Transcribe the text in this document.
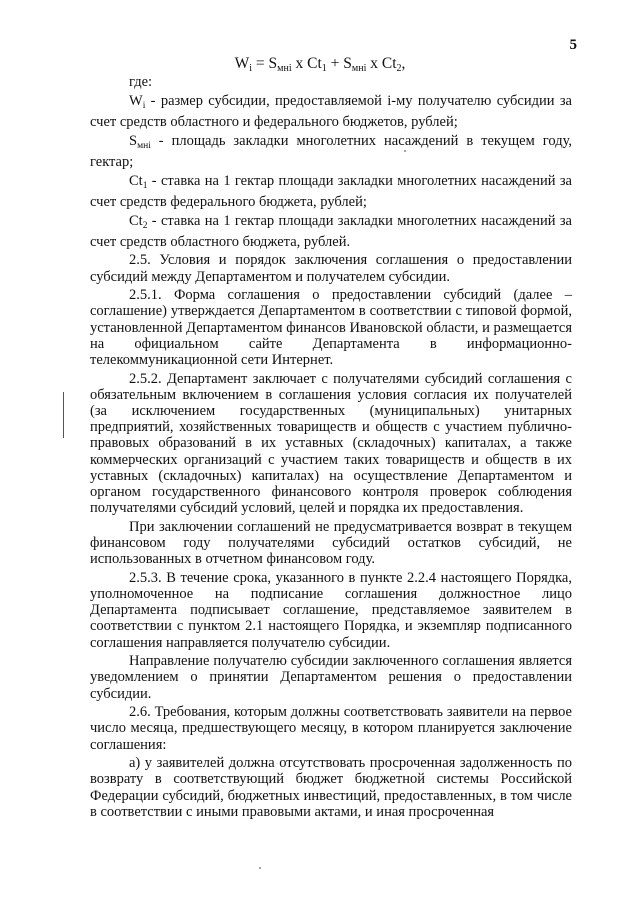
5
$W_i = S_{мнi}$ x $Ct_1 + S_{мнi}$ x $Ct_2$,

где:

$W_i$ - размер субсидии, предоставляемой i-му получателю субсидии за счет средств областного и федерального бюджетов, рублей;

$S_{мнi}$ - площадь закладки многолетних насаждений в текущем году, гектар;

$Ct_1$ - ставка на 1 гектар площади закладки многолетних насаждений за счет средств федерального бюджета, рублей;

$Ct_2$ - ставка на 1 гектар площади закладки многолетних насаждений за счет средств областного бюджета, рублей.

2.5. Условия и порядок заключения соглашения о предоставлении субсидий между Департаментом и получателем субсидии.

2.5.1. Форма соглашения о предоставлении субсидий (далее – соглашение) утверждается Департаментом в соответствии с типовой формой, установленной Департаментом финансов Ивановской области, и размещается на официальном сайте Департамента в информационно-телекоммуникационной сети Интернет.

2.5.2. Департамент заключает с получателями субсидий соглашения с обязательным включением в соглашения условия согласия их получателей (за исключением государственных (муниципальных) унитарных предприятий, хозяйственных товариществ и обществ с участием публично-правовых образований в их уставных (складочных) капиталах, а также коммерческих организаций с участием таких товариществ и обществ в их уставных (складочных) капиталах) на осуществление Департаментом и органом государственного финансового контроля проверок соблюдения получателями субсидий условий, целей и порядка их предоставления.

При заключении соглашений не предусматривается возврат в текущем финансовом году получателями субсидий остатков субсидий, не использованных в отчетном финансовом году.

2.5.3. В течение срока, указанного в пункте 2.2.4 настоящего Порядка, уполномоченное на подписание соглашения должностное лицо Департамента подписывает соглашение, представляемое заявителем в соответствии с пунктом 2.1 настоящего Порядка, и экземпляр подписанного соглашения направляется получателю субсидии.

Направление получателю субсидии заключенного соглашения является уведомлением о принятии Департаментом решения о предоставлении субсидии.

2.6. Требования, которым должны соответствовать заявители на первое число месяца, предшествующего месяцу, в котором планируется заключение соглашения:

а) у заявителей должна отсутствовать просроченная задолженность по возврату в соответствующий бюджет бюджетной системы Российской Федерации субсидий, бюджетных инвестиций, предоставленных, в том числе в соответствии с иными правовыми актами, и иная просроченная
